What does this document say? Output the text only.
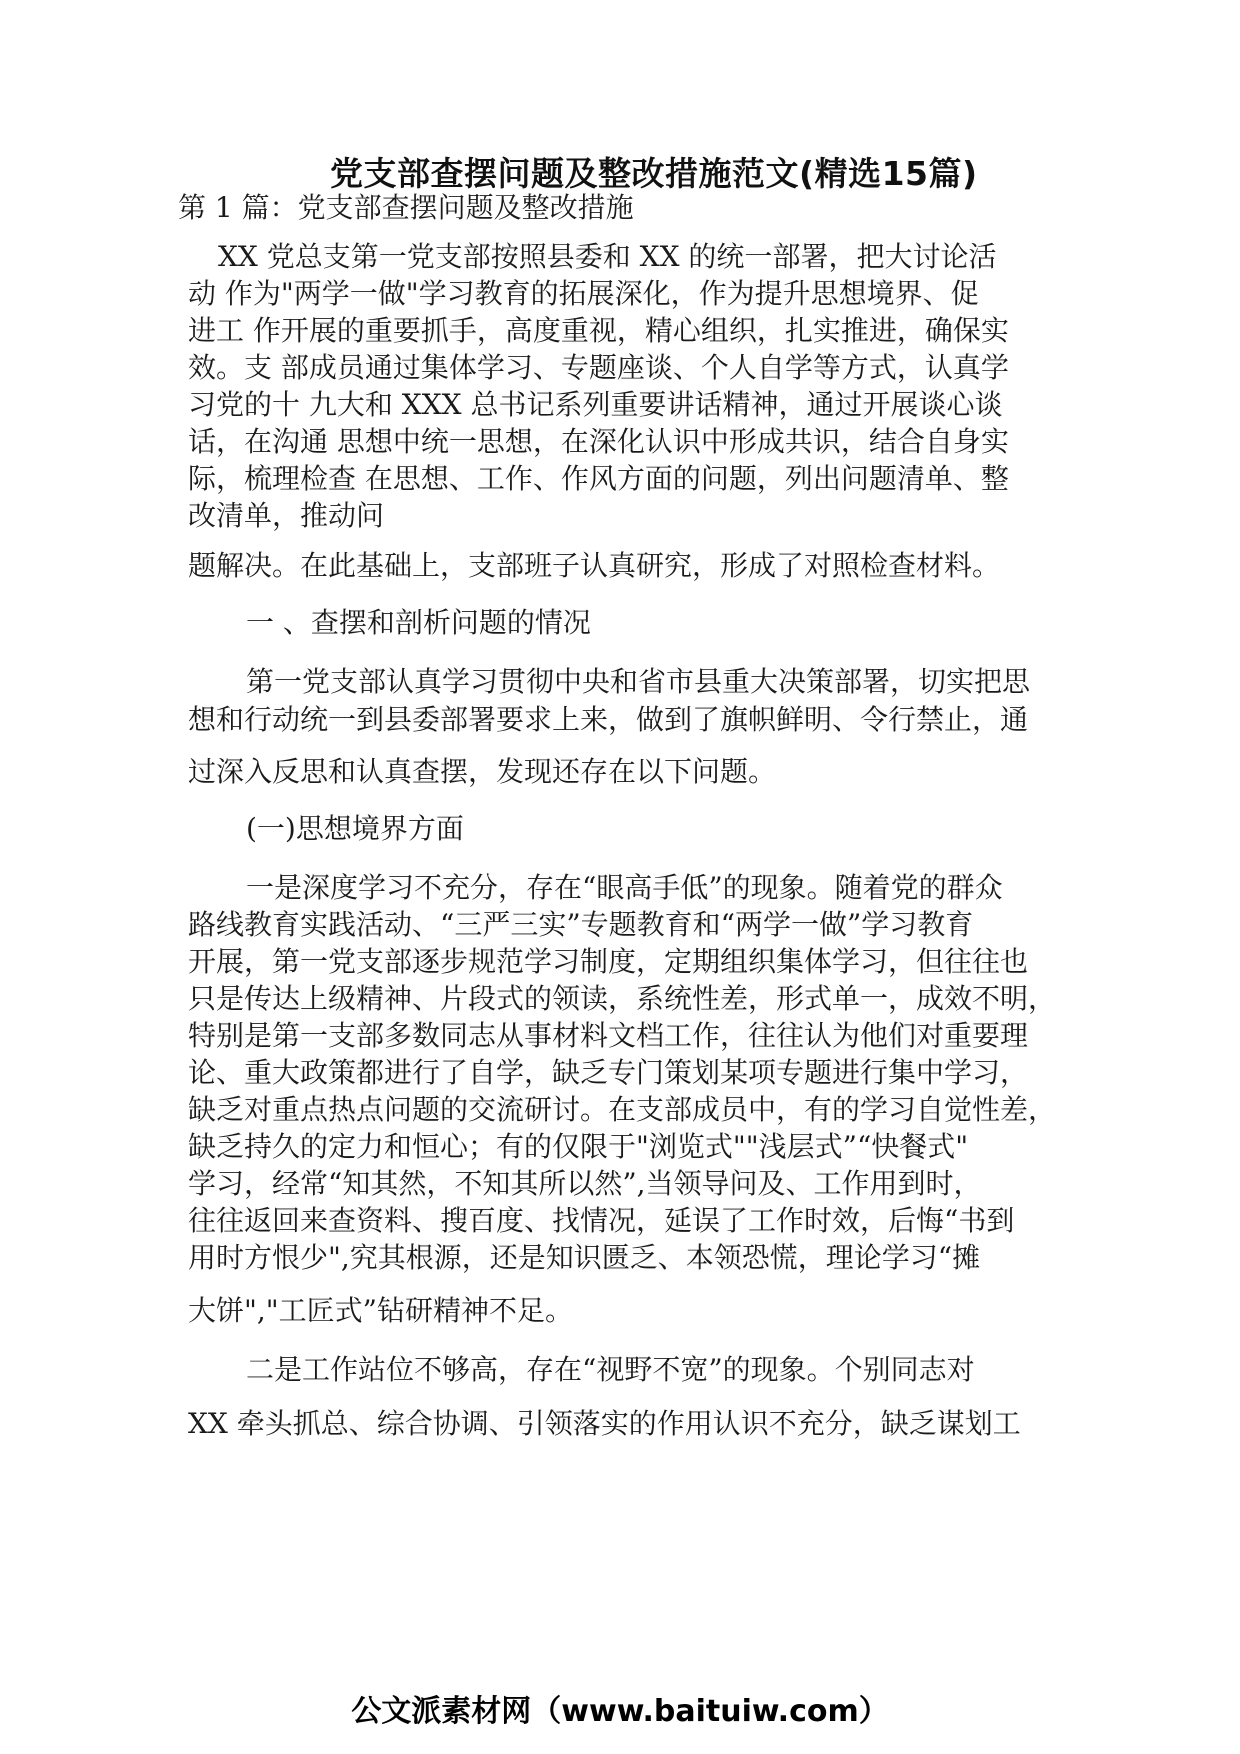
党支部查摆问题及整改措施范文(精选15篇)
第 1 篇：党支部查摆问题及整改措施
XX 党总支第一党支部按照县委和 XX 的统一部署，把大讨论活
动 作为"两学一做"学习教育的拓展深化，作为提升思想境界、促
进工 作开展的重要抓手，高度重视，精心组织，扎实推进，确保实
效。支 部成员通过集体学习、专题座谈、个人自学等方式，认真学
习党的十 九大和 XXX 总书记系列重要讲话精神，通过开展谈心谈
话，在沟通 思想中统一思想，在深化认识中形成共识，结合自身实
际，梳理检查 在思想、工作、作风方面的问题，列出问题清单、整
改清单，推动问
题解决。在此基础上，支部班子认真研究，形成了对照检查材料。
一 、查摆和剖析问题的情况
第一党支部认真学习贯彻中央和省市县重大决策部署，切实把思
想和行动统一到县委部署要求上来，做到了旗帜鲜明、令行禁止，通
过深入反思和认真查摆，发现还存在以下问题。
(一)思想境界方面
一是深度学习不充分，存在“眼高手低”的现象。随着党的群众
路线教育实践活动、“三严三实”专题教育和“两学一做”学习教育
开展，第一党支部逐步规范学习制度，定期组织集体学习，但往往也
只是传达上级精神、片段式的领读，系统性差，形式单一，成效不明，
特别是第一支部多数同志从事材料文档工作，往往认为他们对重要理
论、重大政策都进行了自学，缺乏专门策划某项专题进行集中学习，
缺乏对重点热点问题的交流研讨。在支部成员中，有的学习自觉性差，
缺乏持久的定力和恒心；有的仅限于"浏览式""浅层式”“快餐式"
学习，经常“知其然，不知其所以然”,当领导问及、工作用到时，
往往返回来查资料、搜百度、找情况，延误了工作时效，后悔“书到
用时方恨少",究其根源，还是知识匮乏、本领恐慌，理论学习“摊
大饼","工匠式”钻研精神不足。
二是工作站位不够高，存在“视野不宽”的现象。个别同志对
XX 牵头抓总、综合协调、引领落实的作用认识不充分，缺乏谋划工
公文派素材网（www.baituiw.com）
